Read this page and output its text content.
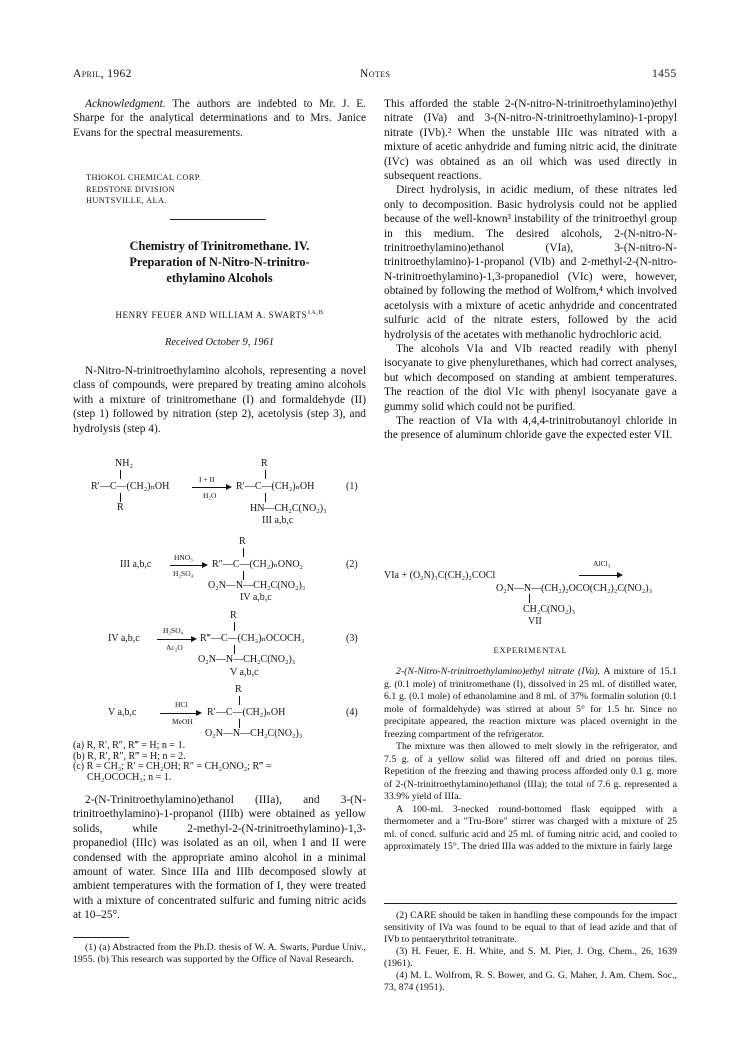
April, 1962	Notes	1455

Acknowledgment. The authors are indebted to Mr. J. E. Sharpe for the analytical determinations and to Mrs. Janice Evans for the spectral measurements.

THIOKOL CHEMICAL CORP.
REDSTONE DIVISION
HUNTSVILLE, ALA.
Chemistry of Trinitromethane. IV.
Preparation of N-Nitro-N-trinitro-
ethylamino Alcohols
HENRY FEUER AND WILLIAM A. $SWARTS^{1A,B}$
Received October 9, 1961

N-Nitro-N-trinitroethylamino alcohols, representing a novel class of compounds, were prepared by treating amino alcohols with a mixture of trinitromethane (I) and formaldehyde (II) (step 1) followed by nitration (step 2), acetolysis (step 3), and hydrolysis (step 4).

NH₂
R′—C—(CH₂)ₙOH
R
I + II
H₂O
R
R′—C—(CH₂)ₙOH	(1)
HN—CH₂C(NO₂)₃
III a,b,c
R
III a,b,c
HNO₃
H₂SO₄
R″—C—(CH₂)ₙONO₂	(2)
O₂N—N—CH₂C(NO₂)₃
IV a,b,c
R
IV a,b,c
H₂SO₄
Ac₂O
R‴—C—(CH₂)ₙOCOCH₃	(3)
O₂N—N—CH₂C(NO₂)₃
V a,b,c
R
V a,b,c
HCl
MeOH
R′—C—(CH₂)ₙOH	(4)
O₂N—N—CH₂C(NO₂)₃
(a) R, R′, R″, R‴ = H; n = 1.
(b) R, R′, R″, R‴ = H; n = 2.
(c) R = CH₃; R′ = CH₂OH; R″ = CH₂ONO₂; R‴ =
CH₂OCOCH₃; n = 1.

2-(N-Trinitroethylamino)ethanol (IIIa), and 3-(N-trinitroethylamino)-1-propanol (IIIb) were obtained as yellow solids, while 2-methyl-2-(N-trinitroethylamino)-1,3-propanediol (IIIc) was isolated as an oil, when I and II were condensed with the appropriate amino alcohol in a minimal amount of water. Since IIIa and IIIb decomposed slowly at ambient temperatures with the formation of I, they were treated with a mixture of concentrated sulfuric and fuming nitric acids at 10–25°.

(1) (a) Abstracted from the Ph.D. thesis of W. A. Swarts, Purdue Univ., 1955. (b) This research was supported by the Office of Naval Research.

This afforded the stable 2-(N-nitro-N-trinitroethylamino)ethyl nitrate (IVa) and 3-(N-nitro-N-trinitroethylamino)-1-propyl nitrate (IVb).² When the unstable IIIc was nitrated with a mixture of acetic anhydride and fuming nitric acid, the dinitrate (IVc) was obtained as an oil which was used directly in subsequent reactions.

Direct hydrolysis, in acidic medium, of these nitrates led only to decomposition. Basic hydrolysis could not be applied because of the well-known³ instability of the trinitroethyl group in this medium. The desired alcohols, 2-(N-nitro-N-trinitroethylamino)ethanol (VIa), 3-(N-nitro-N-trinitroethylamino)-1-propanol (VIb) and 2-methyl-2-(N-nitro-N-trinitroethylamino)-1,3-propanediol (VIc) were, however, obtained by following the method of Wolfrom,⁴ which involved acetolysis with a mixture of acetic anhydride and concentrated sulfuric acid of the nitrate esters, followed by the acid hydrolysis of the acetates with methanolic hydrochloric acid.

The alcohols VIa and VIb reacted readily with phenyl isocyanate to give phenylurethanes, which had correct analyses, but which decomposed on standing at ambient temperatures. The reaction of the diol VIc with phenyl isocyanate gave a gummy solid which could not be purified.

The reaction of VIa with 4,4,4-trinitrobutanoyl chloride in the presence of aluminum chloride gave the expected ester VII.

VIa + (O₂N)₃C(CH₂)₂COCl
AlCl₃
O₂N—N—(CH₂)₂OCO(CH₂)₂C(NO₂)₃
CH₂C(NO₂)₃
VII
EXPERIMENTAL

2-(N-Nitro-N-trinitroethylamino)ethyl nitrate (IVa). A mixture of 15.1 g. (0.1 mole) of trinitromethane (I), dissolved in 25 ml. of distilled water, 6.1 g. (0.1 mole) of ethanolamine and 8 ml. of 37% formalin solution (0.1 mole of formaldehyde) was stirred at about 5° for 1.5 hr. Since no precipitate appeared, the reaction mixture was placed overnight in the freezing compartment of the refrigerator.

The mixture was then allowed to melt slowly in the refrigerator, and 7.5 g. of a yellow solid was filtered off and dried on porous tiles. Repetition of the freezing and thawing process afforded only 0.1 g. more of 2-(N-trinitroethylamino)ethanol (IIIa); the total of 7.6 g. represented a 33.9% yield of IIIa.

A 100-ml. 3-necked round-bottomed flask equipped with a thermometer and a "Tru-Bore" stirrer was charged with a mixture of 25 ml. of concd. sulfuric acid and 25 ml. of fuming nitric acid, and cooled to approximately 15°. The dried IIIa was added to the mixture in fairly large

(2) CARE should be taken in handling these compounds for the impact sensitivity of IVa was found to be equal to that of lead azide and that of IVb to pentaerythritol tetranitrate.

(3) H. Feuer, E. H. White, and S. M. Pier, J. Org. Chem., 26, 1639 (1961).

(4) M. L. Wolfrom, R. S. Bower, and G. G. Maher, J. Am. Chem. Soc., 73, 874 (1951).
